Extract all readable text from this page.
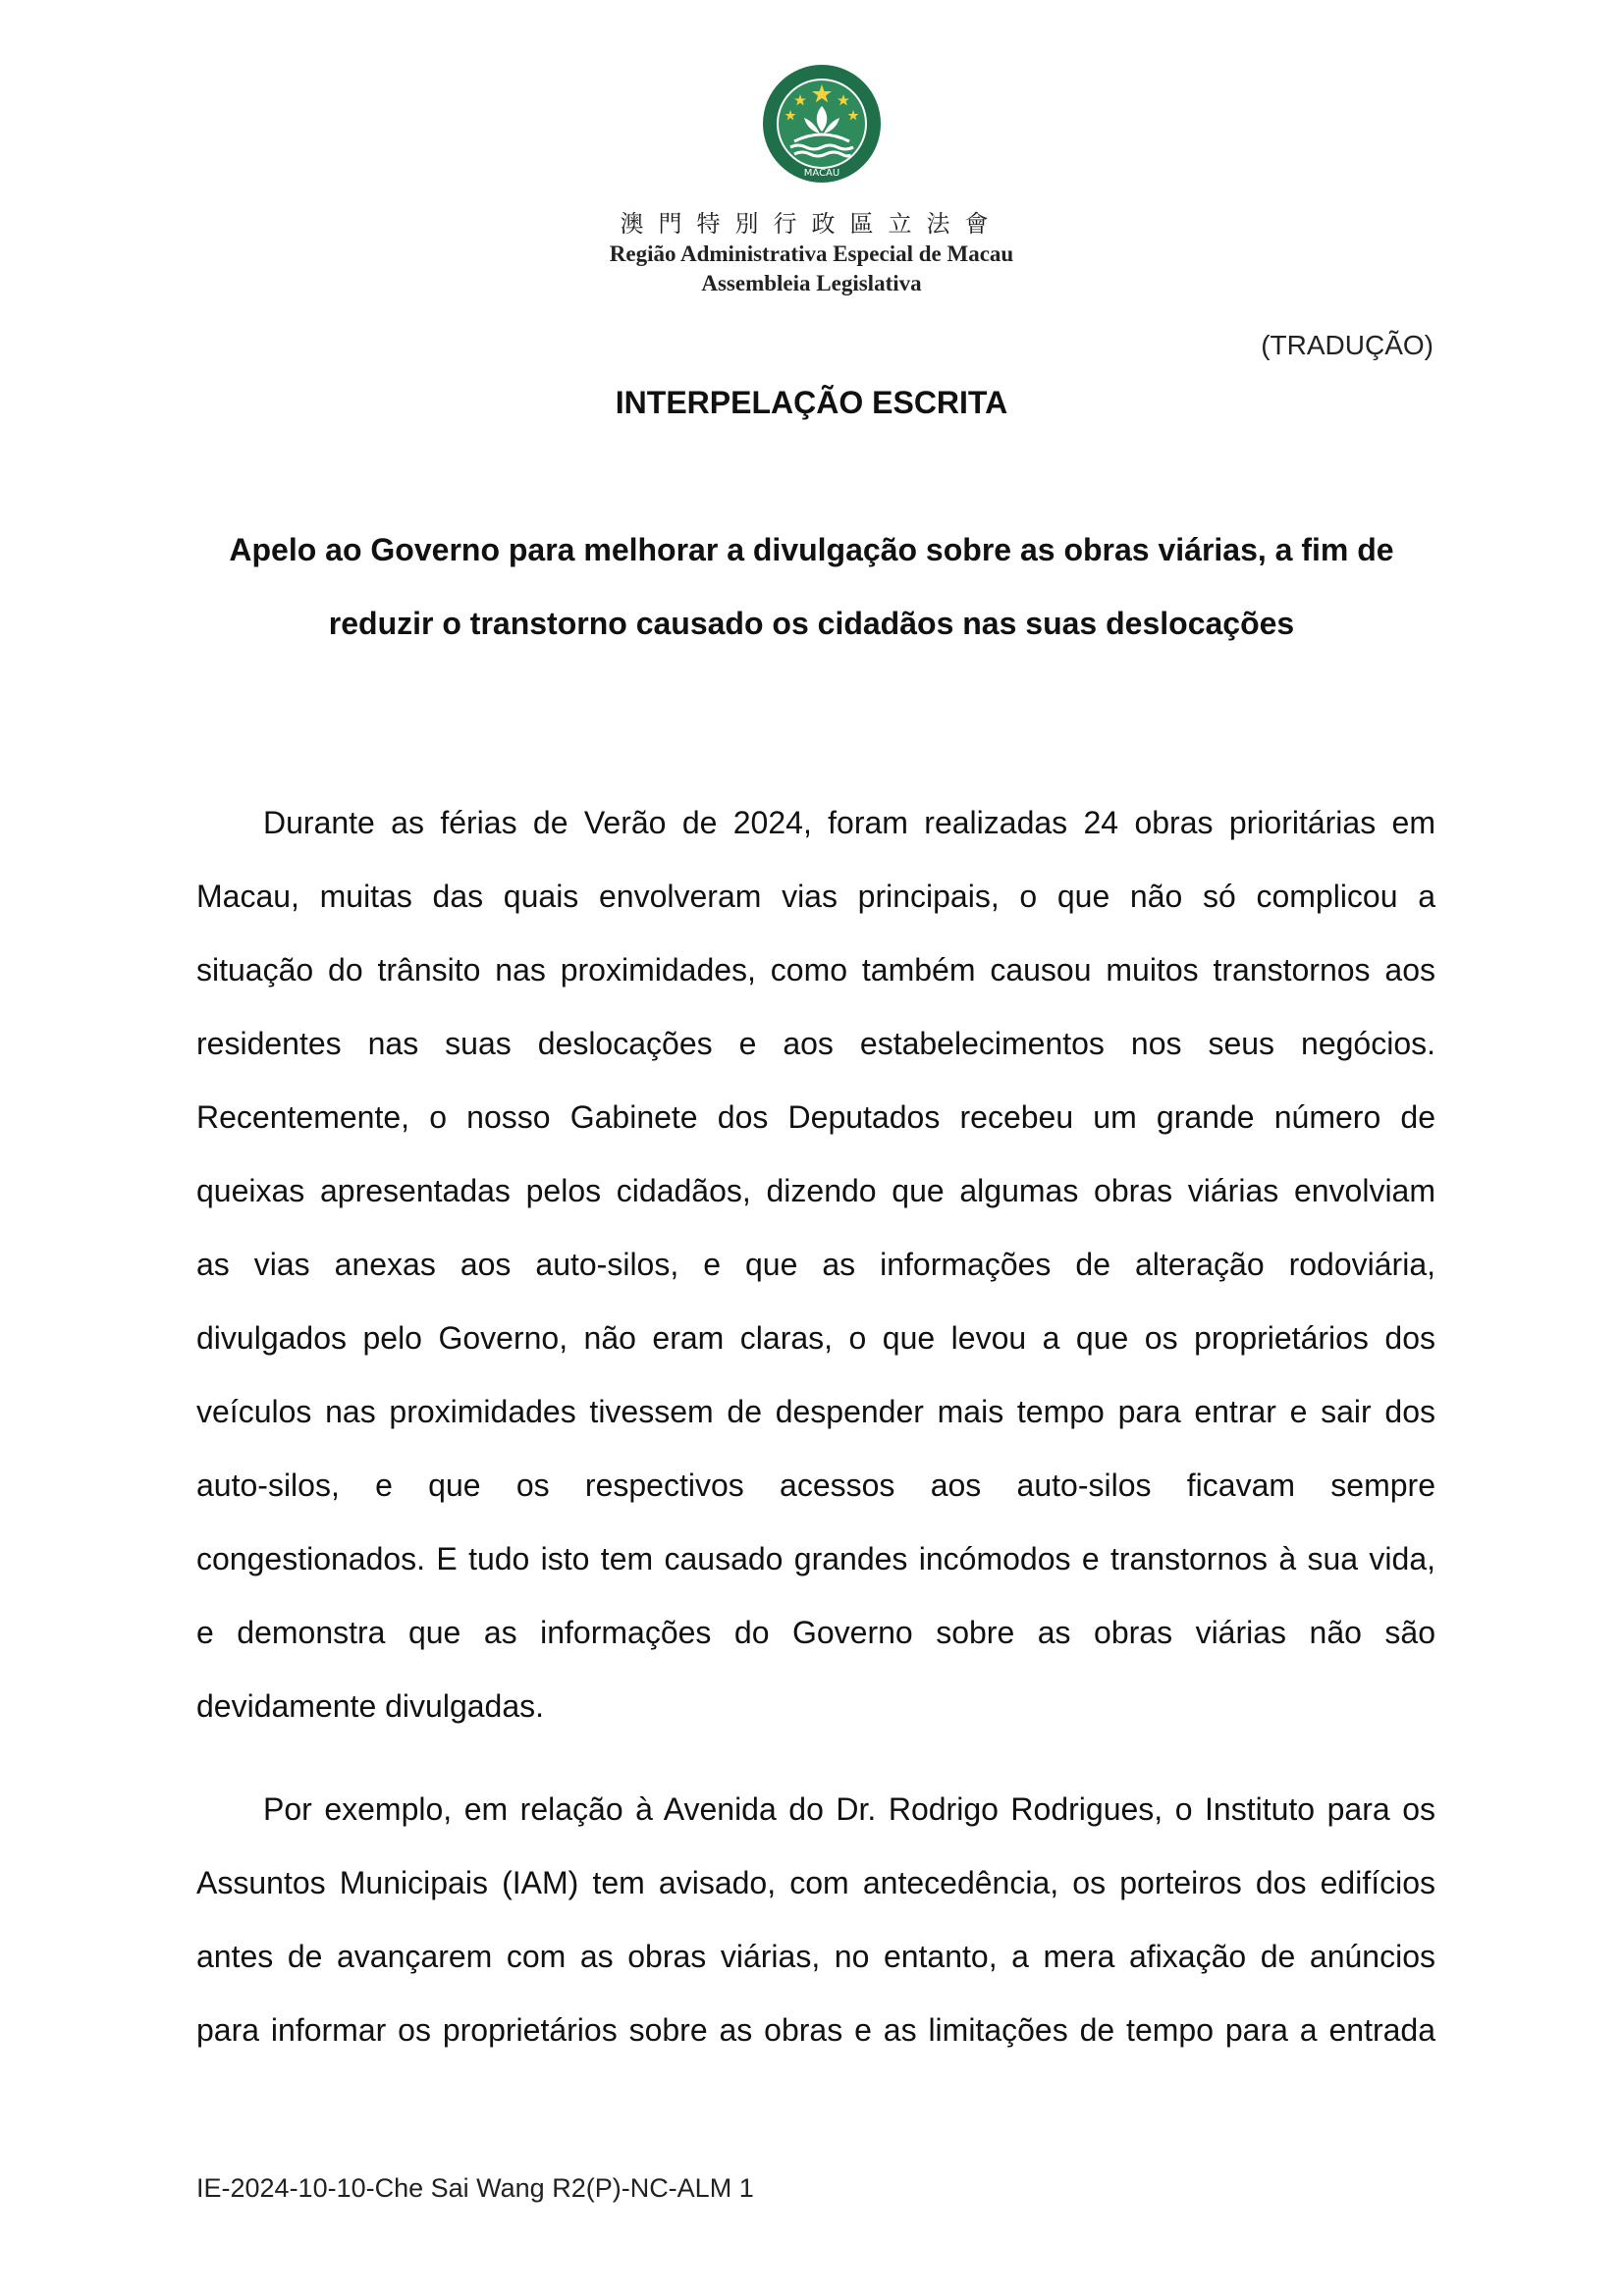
MACAU
澳門特別行政區立法會
Região Administrativa Especial de Macau
Assembleia Legislativa
(TRADUÇÃO)
INTERPELAÇÃO ESCRITA
Apelo ao Governo para melhorar a divulgação sobre as obras viárias, a fim de
reduzir o transtorno causado os cidadãos nas suas deslocações
Durante as férias de Verão de 2024, foram realizadas 24 obras prioritárias em
Macau, muitas das quais envolveram vias principais, o que não só complicou a
situação do trânsito nas proximidades, como também causou muitos transtornos aos
residentes nas suas deslocações e aos estabelecimentos nos seus negócios.
Recentemente, o nosso Gabinete dos Deputados recebeu um grande número de
queixas apresentadas pelos cidadãos, dizendo que algumas obras viárias envolviam
as vias anexas aos auto-silos, e que as informações de alteração rodoviária,
divulgados pelo Governo, não eram claras, o que levou a que os proprietários dos
veículos nas proximidades tivessem de despender mais tempo para entrar e sair dos
auto-silos, e que os respectivos acessos aos auto-silos ficavam sempre
congestionados. E tudo isto tem causado grandes incómodos e transtornos à sua vida,
e demonstra que as informações do Governo sobre as obras viárias não são
devidamente divulgadas.
Por exemplo, em relação à Avenida do Dr. Rodrigo Rodrigues, o Instituto para os
Assuntos Municipais (IAM) tem avisado, com antecedência, os porteiros dos edifícios
antes de avançarem com as obras viárias, no entanto, a mera afixação de anúncios
para informar os proprietários sobre as obras e as limitações de tempo para a entrada
IE-2024-10-10-Che Sai Wang R2(P)-NC-ALM 1
